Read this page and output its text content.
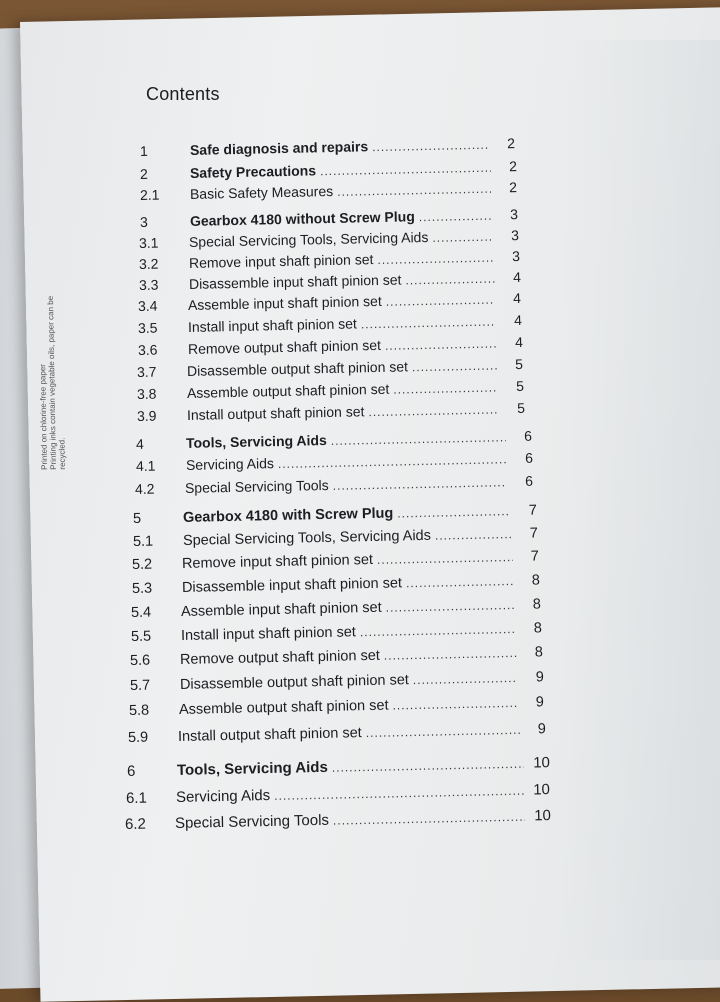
Printed on chlorine-free paper
Printing inks contain vegetable oils, paper can be recycled.
Contents
1	Safe diagnosis and repairs .....	2
2	Safety Precautions .....	2
2.1	Basic Safety Measures .....	2
3	Gearbox 4180 without Screw Plug .....	3
3.1	Special Servicing Tools, Servicing Aids .....	3
3.2	Remove input shaft pinion set .....	3
3.3	Disassemble input shaft pinion set .....	4
3.4	Assemble input shaft pinion set .....	4
3.5	Install input shaft pinion set .....	4
3.6	Remove output shaft pinion set .....	4
3.7	Disassemble output shaft pinion set .....	5
3.8	Assemble output shaft pinion set .....	5
3.9	Install output shaft pinion set .....	5
4	Tools, Servicing Aids .....	6
4.1	Servicing Aids .....	6
4.2	Special Servicing Tools .....	6
5	Gearbox 4180 with Screw Plug .....	7
5.1	Special Servicing Tools, Servicing Aids .....	7
5.2	Remove input shaft pinion set .....	7
5.3	Disassemble input shaft pinion set .....	8
5.4	Assemble input shaft pinion set .....	8
5.5	Install input shaft pinion set .....	8
5.6	Remove output shaft pinion set .....	8
5.7	Disassemble output shaft pinion set .....	9
5.8	Assemble output shaft pinion set .....	9
5.9	Install output shaft pinion set .....	9
6	Tools, Servicing Aids .....	10
6.1	Servicing Aids .....	10
6.2	Special Servicing Tools .....	10
